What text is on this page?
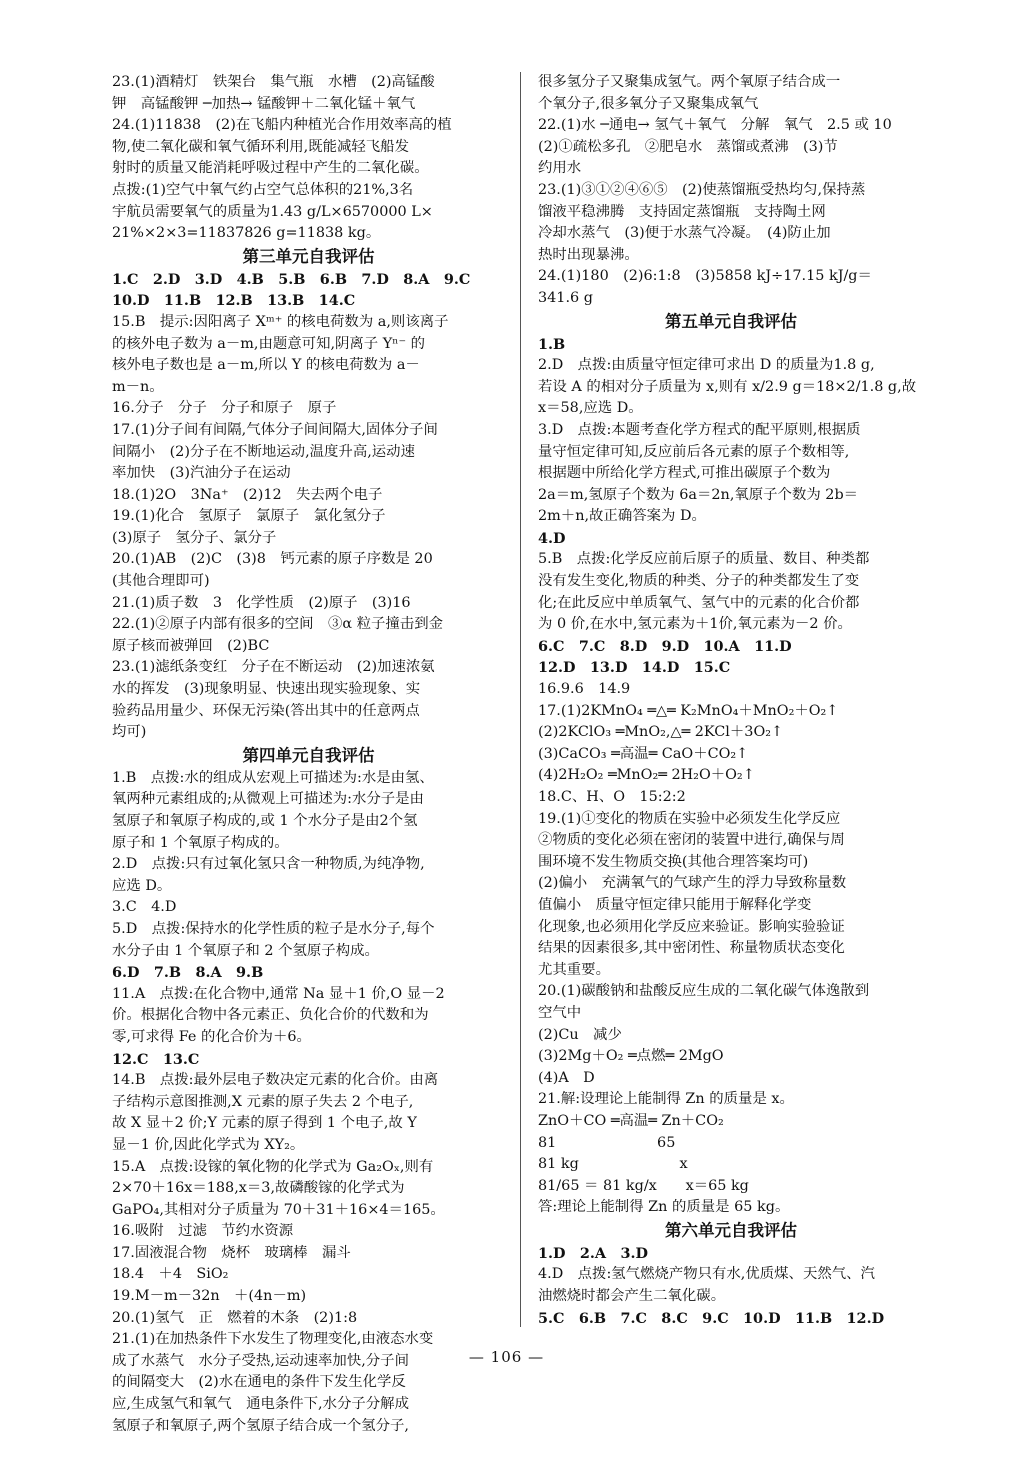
23.(1)酒精灯　铁架台　集气瓶　水槽　(2)高锰酸
钾　高锰酸钾 ─加热→ 锰酸钾＋二氧化锰＋氧气
24.(1)11838　(2)在飞船内种植光合作用效率高的植
物,使二氧化碳和氧气循环利用,既能减轻飞船发
射时的质量又能消耗呼吸过程中产生的二氧化碳。
点拨:(1)空气中氧气约占空气总体积的21%,3名
宇航员需要氧气的质量为1.43 g/L×6570000 L×
21%×2×3=11837826 g=11838 kg。
第三单元自我评估
1.C　2.D　3.D　4.B　5.B　6.B　7.D　8.A　9.C
10.D　11.B　12.B　13.B　14.C
15.B　提示:因阳离子 Xᵐ⁺ 的核电荷数为 a,则该离子
的核外电子数为 a－m,由题意可知,阴离子 Yⁿ⁻ 的
核外电子数也是 a－m,所以 Y 的核电荷数为 a－
m－n。
16.分子　分子　分子和原子　原子
17.(1)分子间有间隔,气体分子间间隔大,固体分子间
间隔小　(2)分子在不断地运动,温度升高,运动速
率加快　(3)汽油分子在运动
18.(1)2O　3Na⁺　(2)12　失去两个电子
19.(1)化合　氢原子　氯原子　氯化氢分子
(3)原子　氢分子、氯分子
20.(1)AB　(2)C　(3)8　钙元素的原子序数是 20
(其他合理即可)
21.(1)质子数　3　化学性质　(2)原子　(3)16
22.(1)②原子内部有很多的空间　③α 粒子撞击到金
原子核而被弹回　(2)BC
23.(1)滤纸条变红　分子在不断运动　(2)加速浓氨
水的挥发　(3)现象明显、快速出现实验现象、实
验药品用量少、环保无污染(答出其中的任意两点
均可)
第四单元自我评估
1.B　点拨:水的组成从宏观上可描述为:水是由氢、
氧两种元素组成的;从微观上可描述为:水分子是由
氢原子和氧原子构成的,或 1 个水分子是由2个氢
原子和 1 个氧原子构成的。
2.D　点拨:只有过氧化氢只含一种物质,为纯净物,
应选 D。
3.C　4.D
5.D　点拨:保持水的化学性质的粒子是水分子,每个
水分子由 1 个氧原子和 2 个氢原子构成。
6.D　7.B　8.A　9.B
11.A　点拨:在化合物中,通常 Na 显＋1 价,O 显－2
价。根据化合物中各元素正、负化合价的代数和为
零,可求得 Fe 的化合价为＋6。
12.C　13.C
14.B　点拨:最外层电子数决定元素的化合价。由离
子结构示意图推测,X 元素的原子失去 2 个电子,
故 X 显＋2 价;Y 元素的原子得到 1 个电子,故 Y
显－1 价,因此化学式为 XY₂。
15.A　点拨:设镓的氧化物的化学式为 Ga₂Oₓ,则有
2×70＋16x＝188,x＝3,故磷酸镓的化学式为
GaPO₄,其相对分子质量为 70＋31＋16×4＝165。
16.吸附　过滤　节约水资源
17.固液混合物　烧杯　玻璃棒　漏斗
18.4　＋4　SiO₂
19.M－m－32n　＋(4n－m)
20.(1)氢气　正　燃着的木条　(2)1:8
21.(1)在加热条件下水发生了物理变化,由液态水变
成了水蒸气　水分子受热,运动速率加快,分子间
的间隔变大　(2)水在通电的条件下发生化学反
应,生成氢气和氧气　通电条件下,水分子分解成
氢原子和氧原子,两个氢原子结合成一个氢分子,
很多氢分子又聚集成氢气。两个氧原子结合成一
个氧分子,很多氧分子又聚集成氧气
22.(1)水 ─通电→ 氢气＋氧气　分解　氧气　2.5 或 10
(2)①疏松多孔　②肥皂水　蒸馏或煮沸　(3)节
约用水
23.(1)③①②④⑥⑤　(2)使蒸馏瓶受热均匀,保持蒸
馏液平稳沸腾　支持固定蒸馏瓶　支持陶土网
冷却水蒸气　(3)便于水蒸气冷凝。　(4)防止加
热时出现暴沸。
24.(1)180　(2)6:1:8　(3)5858 kJ÷17.15 kJ/g＝
341.6 g
第五单元自我评估
1.B
2.D　点拨:由质量守恒定律可求出 D 的质量为1.8 g,
若设 A 的相对分子质量为 x,则有 x/2.9 g＝18×2/1.8 g,故
x＝58,应选 D。
3.D　点拨:本题考查化学方程式的配平原则,根据质
量守恒定律可知,反应前后各元素的原子个数相等,
根据题中所给化学方程式,可推出碳原子个数为
2a＝m,氢原子个数为 6a＝2n,氧原子个数为 2b＝
2m＋n,故正确答案为 D。
4.D
5.B　点拨:化学反应前后原子的质量、数目、种类都
没有发生变化,物质的种类、分子的种类都发生了变
化;在此反应中单质氧气、氢气中的元素的化合价都
为 0 价,在水中,氢元素为＋1价,氧元素为－2 价。
6.C　7.C　8.D　9.D　10.A　11.D
12.D　13.D　14.D　15.C
16.9.6　14.9
17.(1)2KMnO₄ ═△═ K₂MnO₄＋MnO₂＋O₂↑
(2)2KClO₃ ═MnO₂,△═ 2KCl＋3O₂↑
(3)CaCO₃ ═高温═ CaO＋CO₂↑
(4)2H₂O₂ ═MnO₂═ 2H₂O＋O₂↑
18.C、H、O　15:2:2
19.(1)①变化的物质在实验中必须发生化学反应
②物质的变化必须在密闭的装置中进行,确保与周
围环境不发生物质交换(其他合理答案均可)
(2)偏小　充满氧气的气球产生的浮力导致称量数
值偏小　质量守恒定律只能用于解释化学变
化现象,也必须用化学反应来验证。影响实验验证
结果的因素很多,其中密闭性、称量物质状态变化
尤其重要。
20.(1)碳酸钠和盐酸反应生成的二氧化碳气体逸散到
空气中
(2)Cu　减少
(3)2Mg＋O₂ ═点燃═ 2MgO
(4)A　D
21.解:设理论上能制得 Zn 的质量是 x。
ZnO＋CO ═高温═ Zn＋CO₂
81　　　　　　　65
81 kg　　　　　　　x
81/65 ＝ 81 kg/x　　x＝65 kg
答:理论上能制得 Zn 的质量是 65 kg。
第六单元自我评估
1.D　2.A　3.D
4.D　点拨:氢气燃烧产物只有水,优质煤、天然气、汽
油燃烧时都会产生二氧化碳。
5.C　6.B　7.C　8.C　9.C　10.D　11.B　12.D
— 106 —
